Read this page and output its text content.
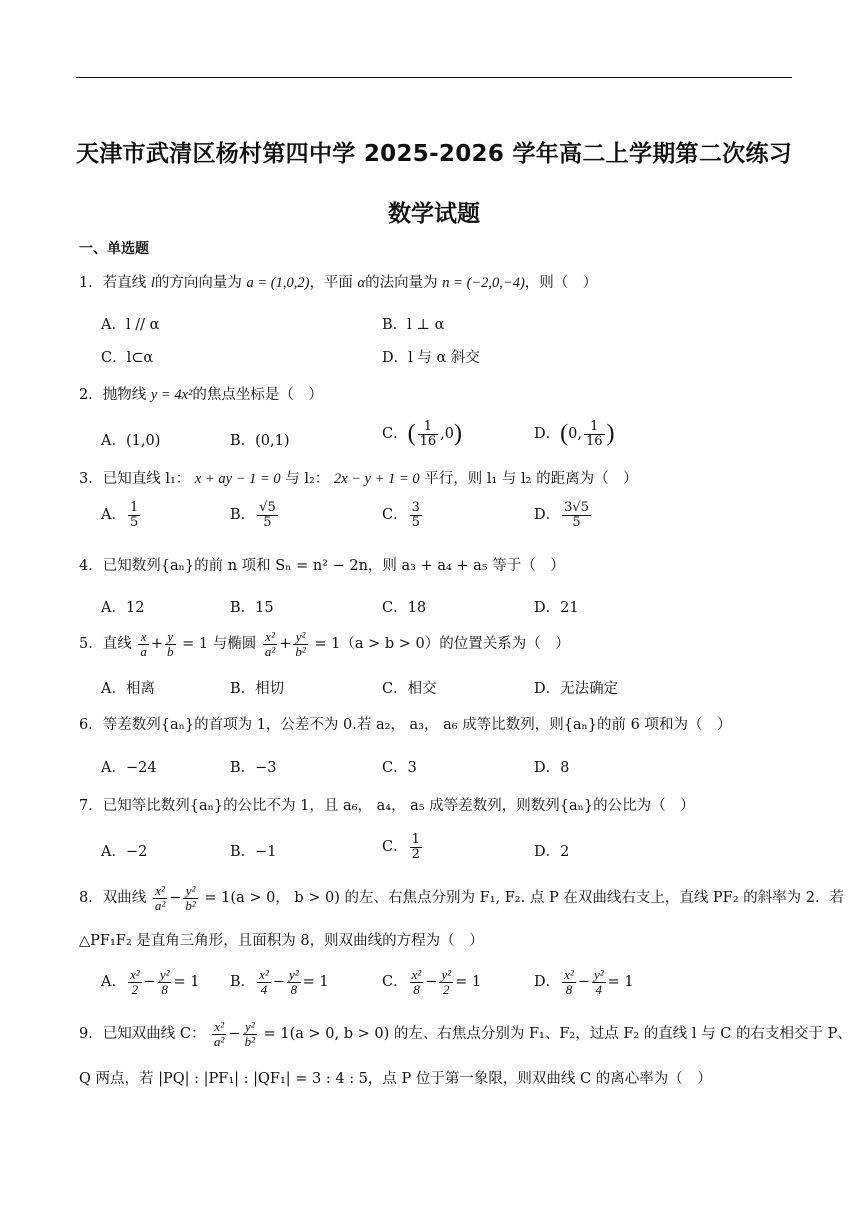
天津市武清区杨村第四中学 2025-2026 学年高二上学期第二次练习
数学试题
一、单选题
1．若直线 l的方向向量为 a = (1,0,2)，平面 α的法向量为 n = (−2,0,−4)，则（　）
A．l // α	B．l ⊥ α
C．l⊂α	D．l 与 α 斜交
2．抛物线 y = 4x²的焦点坐标是（　）
A．(1,0)	B．(0,1)	C．( $\frac{1}{16} ,0$)	D．(0, $\frac{1}{16}$ )
3．已知直线 l₁： x + ay − 1 = 0 与 l₂： 2x − y + 1 = 0 平行，则 l₁ 与 l₂ 的距离为（　）
A． $\frac{1}{5}$	B． $\frac{√5}{5}$	C． $\frac{3}{5}$	D． $\frac{3√5}{5}$
4．已知数列{aₙ}的前 n 项和 Sₙ = n² − 2n，则 a₃ + a₄ + a₅ 等于（　）
A．12	B．15	C．18	D．21
5．直线 $\frac{x}{a} + \frac{y}{b} = 1$ 与椭圆 $\frac{\text{x²}}{\text{a²}} + \frac{\text{y²}}{\text{b²}} = 1(a > b > 0)$的位置关系为（　）
A．相离	B．相切	C．相交	D．无法确定
6．等差数列{aₙ}的首项为 1，公差不为 0.若 a₂， a₃， a₆ 成等比数列，则{aₙ}的前 6 项和为（　）
A．−24	B．−3	C．3	D．8
7．已知等比数列{aₙ}的公比不为 1，且 a₆， a₄， a₅ 成等差数列，则数列{aₙ}的公比为（　）
A．−2	B．−1	C． $\frac{1}{2}$	D．2
8．双曲线 $\frac{\text{x²}}{\text{a²}} - \frac{\text{y²}}{\text{b²}} = 1(a > 0$， b > 0) 的左、右焦点分别为 F₁, F₂. 点 P 在双曲线右支上，直线 PF₂ 的斜率为 2．若
△PF₁F₂ 是直角三角形，且面积为 8，则双曲线的方程为（　）
A． $\frac{\text{x²}}{2} - \frac{\text{y²}}{8} = 1$ B． $\frac{\text{x²}}{4} - \frac{\text{y²}}{8} = 1$	C． $\frac{\text{x²}}{8} - \frac{\text{y²}}{2} = 1$	D． $\frac{\text{x²}}{8} - \frac{\text{y²}}{4} = 1$
9．已知双曲线 C： $\frac{\text{x²}}{\text{a²}} - \frac{\text{y²}}{\text{b²}} = 1(a > 0$, b > 0) 的左、右焦点分别为 F₁、F₂，过点 F₂ 的直线 l 与 C 的右支相交于 P、
Q 两点，若 |PQ| : |PF₁| : |QF₁| = 3 : 4 : 5，点 P 位于第一象限，则双曲线 C 的离心率为（　）
